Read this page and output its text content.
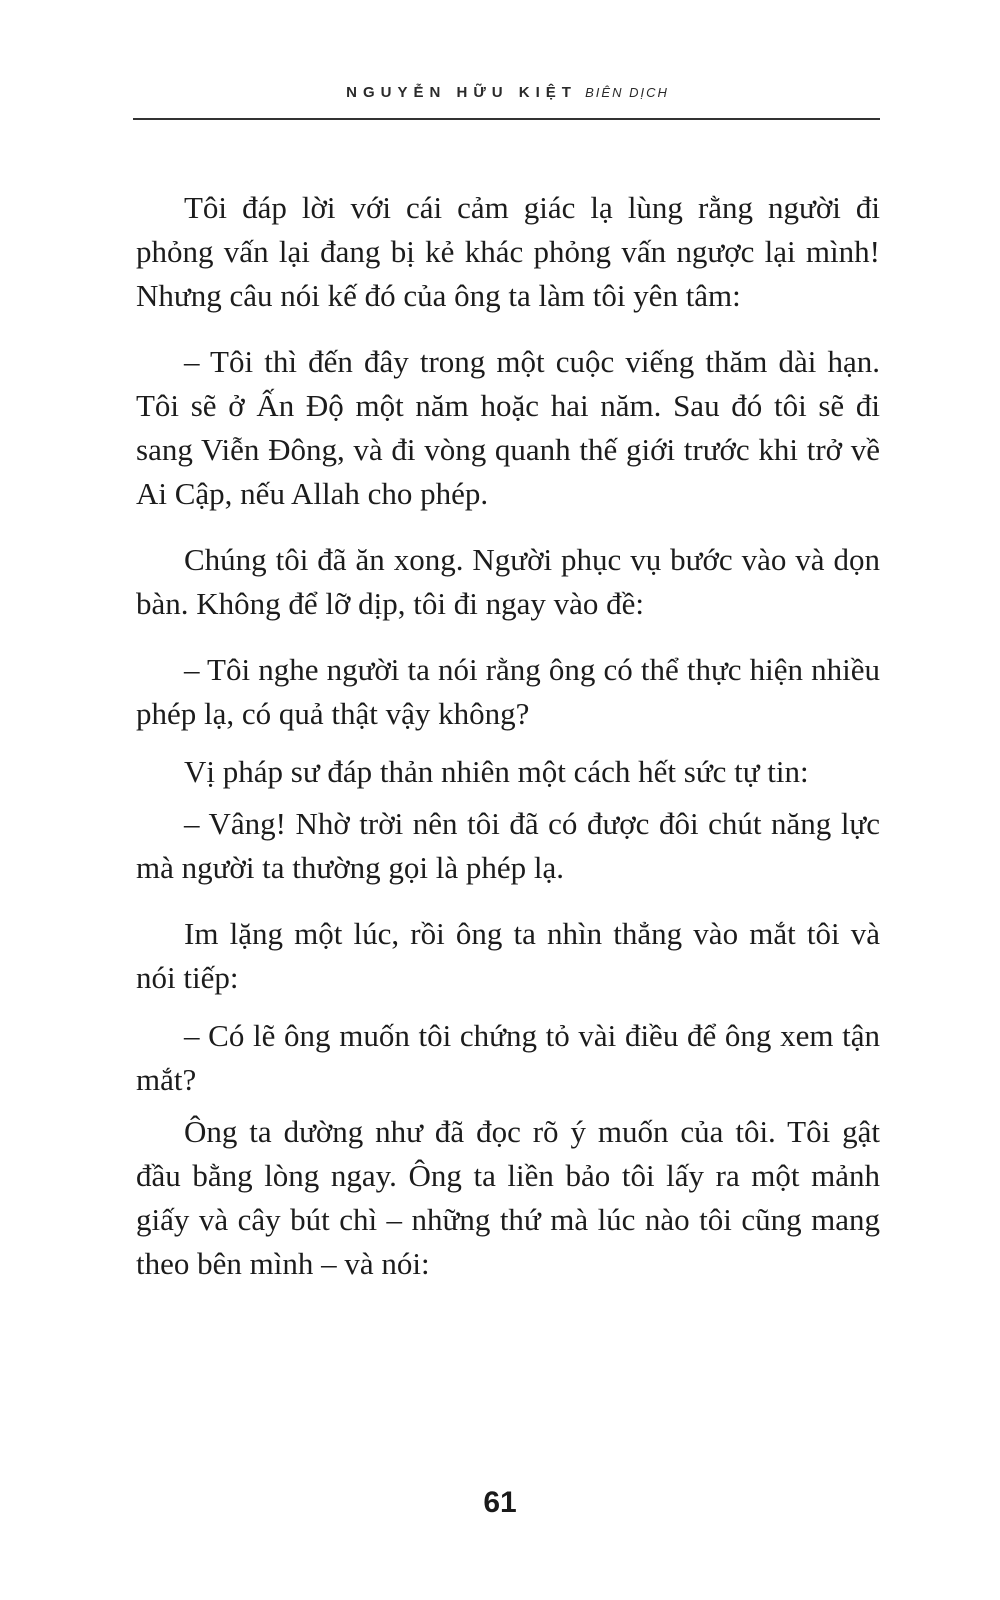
NGUYỄN HỮU KIỆT BIÊN DỊCH

Tôi đáp lời với cái cảm giác lạ lùng rằng người đi phỏng vấn lại đang bị kẻ khác phỏng vấn ngược lại mình! Nhưng câu nói kế đó của ông ta làm tôi yên tâm:

– Tôi thì đến đây trong một cuộc viếng thăm dài hạn. Tôi sẽ ở Ấn Độ một năm hoặc hai năm. Sau đó tôi sẽ đi sang Viễn Đông, và đi vòng quanh thế giới trước khi trở về Ai Cập, nếu Allah cho phép.

Chúng tôi đã ăn xong. Người phục vụ bước vào và dọn bàn. Không để lỡ dịp, tôi đi ngay vào đề:

– Tôi nghe người ta nói rằng ông có thể thực hiện nhiều phép lạ, có quả thật vậy không?

Vị pháp sư đáp thản nhiên một cách hết sức tự tin:

– Vâng! Nhờ trời nên tôi đã có được đôi chút năng lực mà người ta thường gọi là phép lạ.

Im lặng một lúc, rồi ông ta nhìn thẳng vào mắt tôi và nói tiếp:

– Có lẽ ông muốn tôi chứng tỏ vài điều để ông xem tận mắt?

Ông ta dường như đã đọc rõ ý muốn của tôi. Tôi gật đầu bằng lòng ngay. Ông ta liền bảo tôi lấy ra một mảnh giấy và cây bút chì – những thứ mà lúc nào tôi cũng mang theo bên mình – và nói:

61
